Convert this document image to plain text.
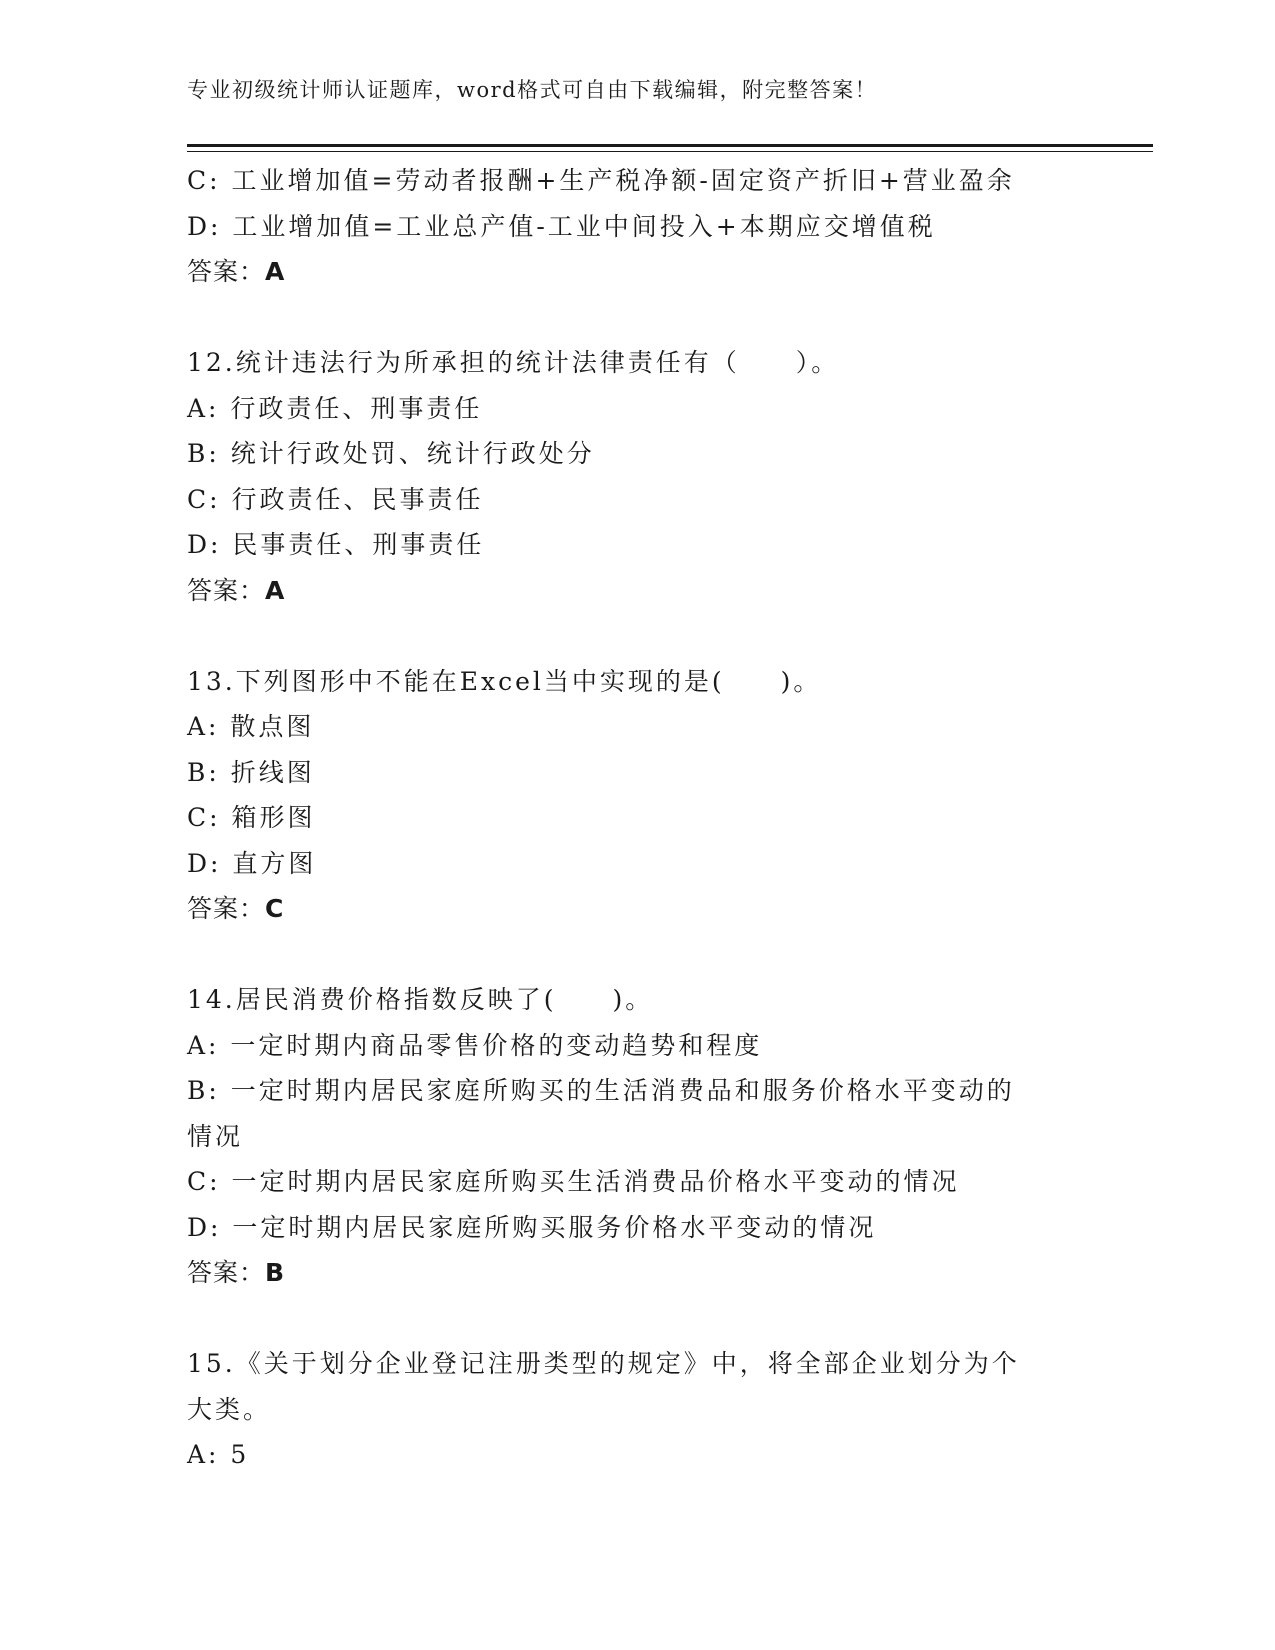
专业初级统计师认证题库，word格式可自由下载编辑，附完整答案！
C: 工业增加值=劳动者报酬+生产税净额-固定资产折旧+营业盈余
D: 工业增加值=工业总产值-工业中间投入+本期应交增值税
答案：A
12.统计违法行为所承担的统计法律责任有（　　）。
A: 行政责任、刑事责任
B: 统计行政处罚、统计行政处分
C: 行政责任、民事责任
D: 民事责任、刑事责任
答案：A
13.下列图形中不能在Excel当中实现的是(　　)。
A: 散点图
B: 折线图
C: 箱形图
D: 直方图
答案：C
14.居民消费价格指数反映了(　　)。
A: 一定时期内商品零售价格的变动趋势和程度
B: 一定时期内居民家庭所购买的生活消费品和服务价格水平变动的情况
C: 一定时期内居民家庭所购买生活消费品价格水平变动的情况
D: 一定时期内居民家庭所购买服务价格水平变动的情况
答案：B
15.《关于划分企业登记注册类型的规定》中，将全部企业划分为个大类。
A: 5
